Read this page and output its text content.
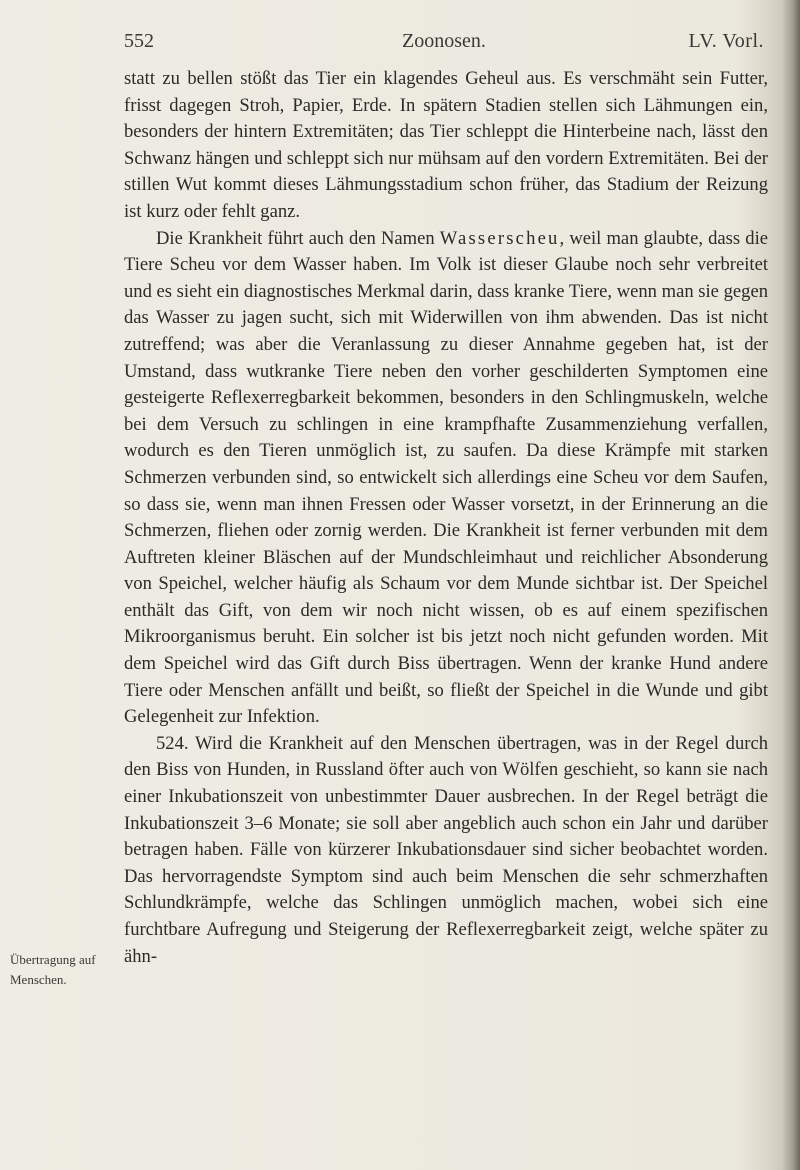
552	Zoonosen.	LV. Vorl.

statt zu bellen stößt das Tier ein klagendes Geheul aus. Es verschmäht sein Futter, frisst dagegen Stroh, Papier, Erde. In spätern Stadien stellen sich Lähmungen ein, besonders der hintern Extremitäten; das Tier schleppt die Hinterbeine nach, lässt den Schwanz hängen und schleppt sich nur mühsam auf den vordern Extremitäten. Bei der stillen Wut kommt dieses Lähmungsstadium schon früher, das Stadium der Reizung ist kurz oder fehlt ganz.

Die Krankheit führt auch den Namen Wasserscheu, weil man glaubte, dass die Tiere Scheu vor dem Wasser haben. Im Volk ist dieser Glaube noch sehr verbreitet und es sieht ein diagnostisches Merkmal darin, dass kranke Tiere, wenn man sie gegen das Wasser zu jagen sucht, sich mit Widerwillen von ihm abwenden. Das ist nicht zutreffend; was aber die Veranlassung zu dieser Annahme gegeben hat, ist der Umstand, dass wutkranke Tiere neben den vorher geschilderten Symptomen eine gesteigerte Reflexerregbarkeit bekommen, besonders in den Schlingmuskeln, welche bei dem Versuch zu schlingen in eine krampfhafte Zusammenziehung verfallen, wodurch es den Tieren unmöglich ist, zu saufen. Da diese Krämpfe mit starken Schmerzen verbunden sind, so entwickelt sich allerdings eine Scheu vor dem Saufen, so dass sie, wenn man ihnen Fressen oder Wasser vorsetzt, in der Erinnerung an die Schmerzen, fliehen oder zornig werden. Die Krankheit ist ferner verbunden mit dem Auftreten kleiner Bläschen auf der Mundschleimhaut und reichlicher Absonderung von Speichel, welcher häufig als Schaum vor dem Munde sichtbar ist. Der Speichel enthält das Gift, von dem wir noch nicht wissen, ob es auf einem spezifischen Mikroorganismus beruht. Ein solcher ist bis jetzt noch nicht gefunden worden. Mit dem Speichel wird das Gift durch Biss übertragen. Wenn der kranke Hund andere Tiere oder Menschen anfällt und beißt, so fließt der Speichel in die Wunde und gibt Gelegenheit zur Infektion.

524. Wird die Krankheit auf den Menschen übertragen, was in der Regel durch den Biss von Hunden, in Russland öfter auch von Wölfen geschieht, so kann sie nach einer Inkubationszeit von unbestimmter Dauer ausbrechen. In der Regel beträgt die Inkubationszeit 3–6 Monate; sie soll aber angeblich auch schon ein Jahr und darüber betragen haben. Fälle von kürzerer Inkubationsdauer sind sicher beobachtet worden. Das hervorragendste Symptom sind auch beim Menschen die sehr schmerzhaften Schlundkrämpfe, welche das Schlingen unmöglich machen, wobei sich eine furchtbare Aufregung und Steigerung der Reflexerregbarkeit zeigt, welche später zu ähn-

Übertragung auf Menschen.
